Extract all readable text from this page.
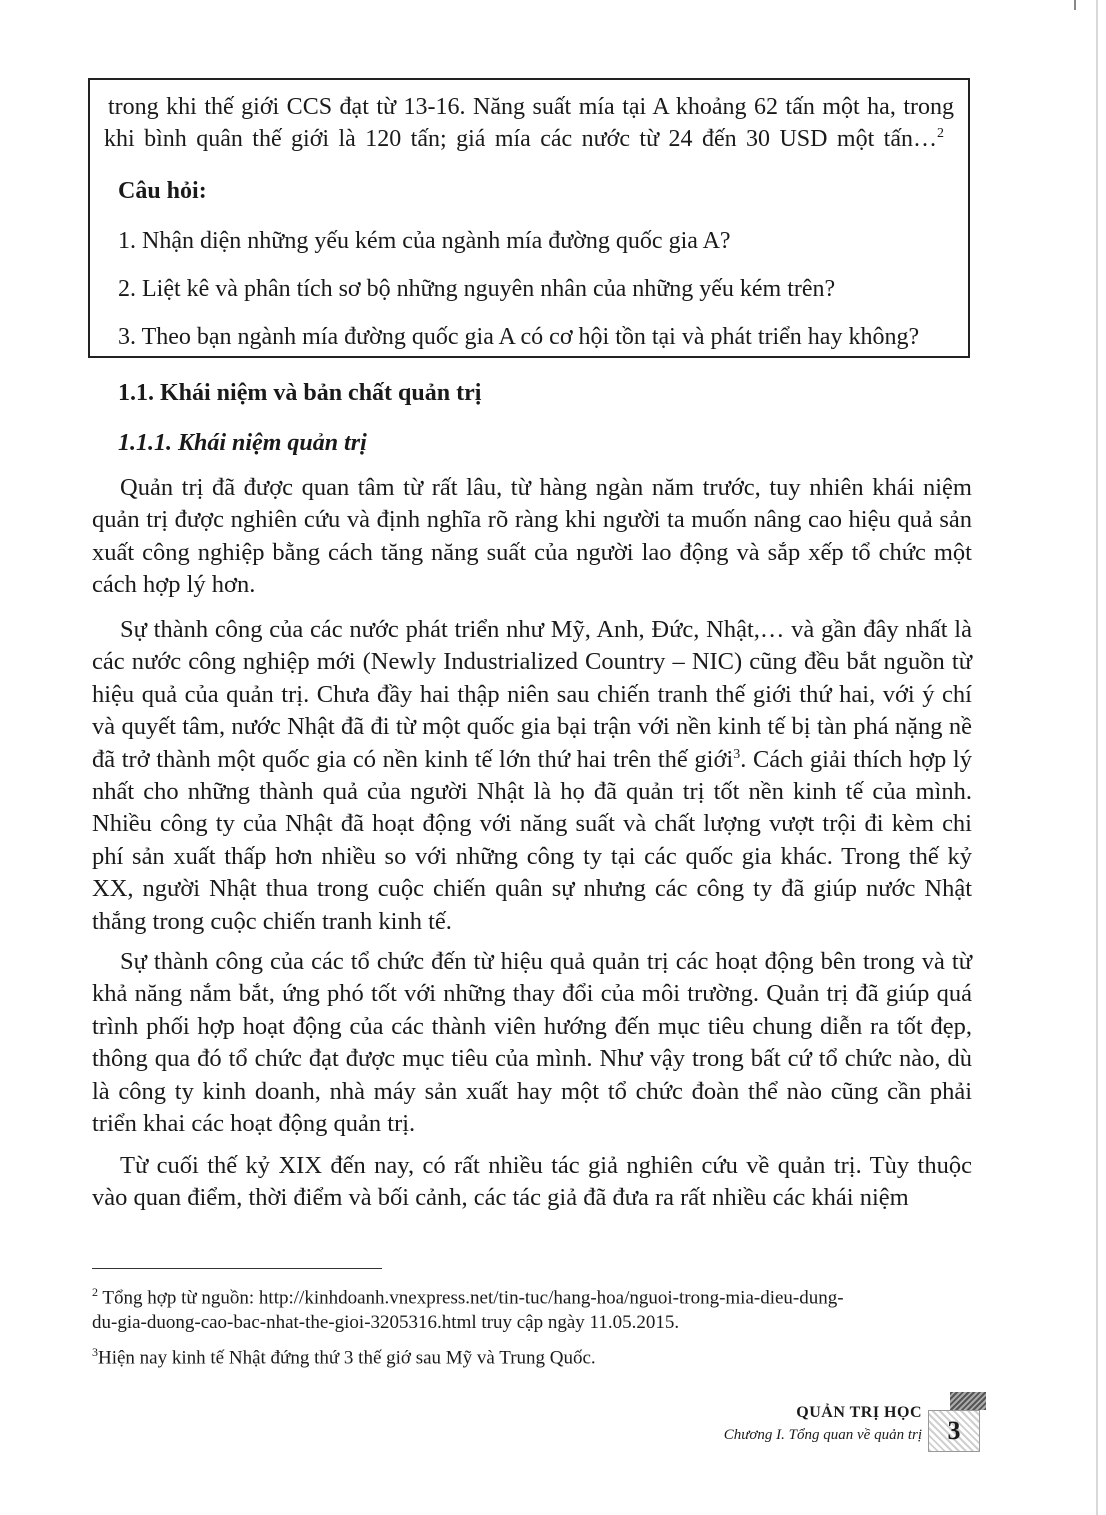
trong khi thế giới CCS đạt từ 13-16. Năng suất mía tại A khoảng 62 tấn một ha, trong

khi bình quân thế giới là 120 tấn; giá mía các nước từ 24 đến 30 USD một tấn…$^2$

Câu hỏi:

1. Nhận diện những yếu kém của ngành mía đường quốc gia A?

2. Liệt kê và phân tích sơ bộ những nguyên nhân của những yếu kém trên?

3. Theo bạn ngành mía đường quốc gia A có cơ hội tồn tại và phát triển hay không?

1.1. Khái niệm và bản chất quản trị
1.1.1. Khái niệm quản trị

Quản trị đã được quan tâm từ rất lâu, từ hàng ngàn năm trước, tuy nhiên khái niệm quản trị được nghiên cứu và định nghĩa rõ ràng khi người ta muốn nâng cao hiệu quả sản xuất công nghiệp bằng cách tăng năng suất của người lao động và sắp xếp tổ chức một cách hợp lý hơn.

Sự thành công của các nước phát triển như Mỹ, Anh, Đức, Nhật,… và gần đây nhất là các nước công nghiệp mới (Newly Industrialized Country – NIC) cũng đều bắt nguồn từ hiệu quả của quản trị. Chưa đầy hai thập niên sau chiến tranh thế giới thứ hai, với ý chí và quyết tâm, nước Nhật đã đi từ một quốc gia bại trận với nền kinh tế bị tàn phá nặng nề đã trở thành một quốc gia có nền kinh tế lớn thứ hai trên thế giới$^3$. Cách giải thích hợp lý nhất cho những thành quả của người Nhật là họ đã quản trị tốt nền kinh tế của mình. Nhiều công ty của Nhật đã hoạt động với năng suất và chất lượng vượt trội đi kèm chi phí sản xuất thấp hơn nhiều so với những công ty tại các quốc gia khác. Trong thế kỷ XX, người Nhật thua trong cuộc chiến quân sự nhưng các công ty đã giúp nước Nhật thắng trong cuộc chiến tranh kinh tế.

Sự thành công của các tổ chức đến từ hiệu quả quản trị các hoạt động bên trong và từ khả năng nắm bắt, ứng phó tốt với những thay đổi của môi trường. Quản trị đã giúp quá trình phối hợp hoạt động của các thành viên hướng đến mục tiêu chung diễn ra tốt đẹp, thông qua đó tổ chức đạt được mục tiêu của mình. Như vậy trong bất cứ tổ chức nào, dù là công ty kinh doanh, nhà máy sản xuất hay một tổ chức đoàn thể nào cũng cần phải triển khai các hoạt động quản trị.

Từ cuối thế kỷ XIX đến nay, có rất nhiều tác giả nghiên cứu về quản trị. Tùy thuộc vào quan điểm, thời điểm và bối cảnh, các tác giả đã đưa ra rất nhiều các khái niệm

$^2$ Tổng hợp từ nguồn: http://kinhdoanh.vnexpress.net/tin-tuc/hang-hoa/nguoi-trong-mia-dieu-dung-
du-gia-duong-cao-bac-nhat-the-gioi-3205316.html truy cập ngày 11.05.2015.

$^3$Hiện nay kinh tế Nhật đứng thứ 3 thế giớ sau Mỹ và Trung Quốc.

QUẢN TRỊ HỌC
Chương I. Tổng quan về quản trị 3
